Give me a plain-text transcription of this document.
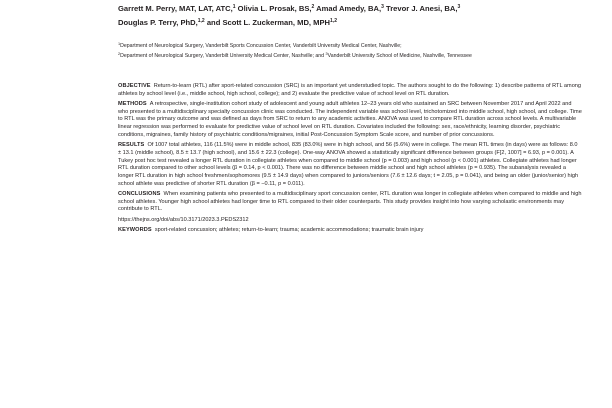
Garrett M. Perry, MAT, LAT, ATC,$^1$ Olivia L. Prosak, BS,$^2$ Amad Amedy, BA,$^3$ Trevor J. Anesi, BA,$^3$
Douglas P. Terry, PhD,$^{1,2}$ and Scott L. Zuckerman, MD, MPH$^{1,2}$
$^1$Department of Neurological Surgery, Vanderbilt Sports Concussion Center, Vanderbilt University Medical Center, Nashville;
$^2$Department of Neurological Surgery, Vanderbilt University Medical Center, Nashville; and $^3$Vanderbilt University School of Medicine, Nashville, Tennessee

OBJECTIVE Return-to-learn (RTL) after sport-related concussion (SRC) is an important yet understudied topic. The authors sought to do the following: 1) describe patterns of RTL among athletes by school level (i.e., middle school, high school, college); and 2) evaluate the predictive value of school level on RTL duration.

METHODS A retrospective, single-institution cohort study of adolescent and young adult athletes 12–23 years old who sustained an SRC between November 2017 and April 2022 and who presented to a multidisciplinary specialty concussion clinic was conducted. The independent variable was school level, trichotomized into middle school, high school, and college. Time to RTL was the primary outcome and was defined as days from SRC to return to any academic activities. ANOVA was used to compare RTL duration across school levels. A multivariable linear regression was performed to evaluate for predictive value of school level on RTL duration. Covariates included the following: sex, race/ethnicity, learning disorder, psychiatric conditions, migraines, family history of psychiatric conditions/migraines, initial Post-Concussion Symptom Scale score, and number of prior concussions.

RESULTS Of 1007 total athletes, 116 (11.5%) were in middle school, 835 (83.0%) were in high school, and 56 (5.6%) were in college. The mean RTL times (in days) were as follows: 8.0 ± 13.1 (middle school), 8.5 ± 13.7 (high school), and 15.6 ± 22.3 (college). One-way ANOVA showed a statistically significant difference between groups (F[2, 1007] = 6.93, p = 0.001). A Tukey post hoc test revealed a longer RTL duration in collegiate athletes when compared to middle school (p = 0.003) and high school (p < 0.001) athletes. Collegiate athletes had longer RTL duration compared to other school levels (β = 0.14, p < 0.001). There was no difference between middle school and high school athletes (p = 0.935). The subanalysis revealed a longer RTL duration in high school freshmen/sophomores (9.5 ± 14.9 days) when compared to juniors/seniors (7.6 ± 12.6 days; t = 2.05, p = 0.041), and being an older (junior/senior) high school athlete was predictive of shorter RTL duration (β = −0.11, p = 0.011).

CONCLUSIONS When examining patients who presented to a multidisciplinary sport concussion center, RTL duration was longer in collegiate athletes when compared to middle and high school athletes. Younger high school athletes had longer time to RTL compared to their older counterparts. This study provides insight into how varying scholastic environments may contribute to RTL.

https://thejns.org/doi/abs/10.3171/2023.3.PEDS2312

KEYWORDS sport-related concussion; athletes; return-to-learn; trauma; academic accommodations; traumatic brain injury
